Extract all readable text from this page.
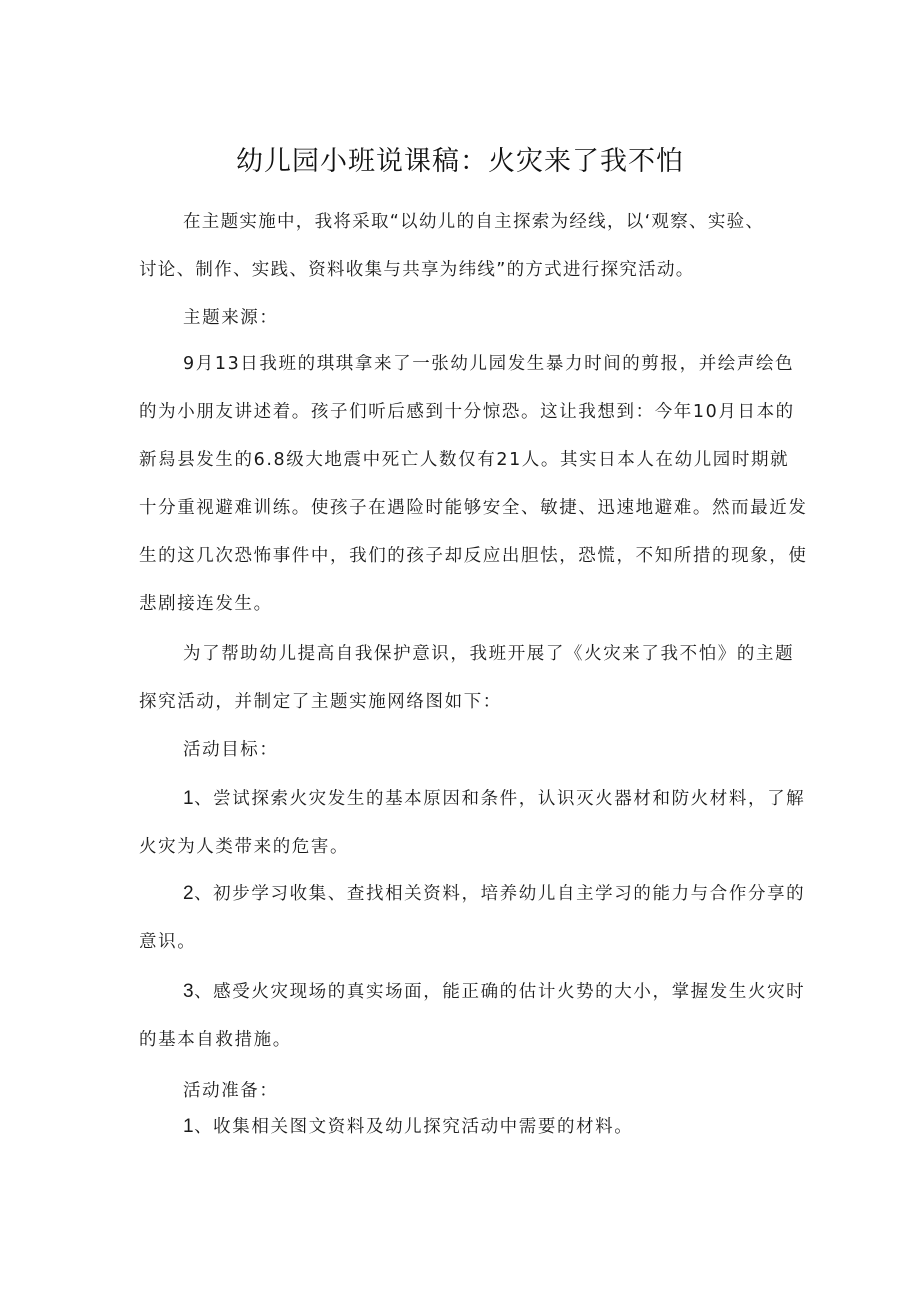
幼儿园小班说课稿：火灾来了我不怕
在主题实施中，我将采取“以幼儿的自主探索为经线，以‘观察、实验、
讨论、制作、实践、资料收集与共享为纬线”的方式进行探究活动。
主题来源：
9月13日我班的琪琪拿来了一张幼儿园发生暴力时间的剪报，并绘声绘色
的为小朋友讲述着。孩子们听后感到十分惊恐。这让我想到：今年10月日本的
新舄县发生的6.8级大地震中死亡人数仅有21人。其实日本人在幼儿园时期就
十分重视避难训练。使孩子在遇险时能够安全、敏捷、迅速地避难。然而最近发
生的这几次恐怖事件中，我们的孩子却反应出胆怯，恐慌，不知所措的现象，使
悲剧接连发生。
为了帮助幼儿提高自我保护意识，我班开展了《火灾来了我不怕》的主题
探究活动，并制定了主题实施网络图如下：
活动目标：
1、尝试探索火灾发生的基本原因和条件，认识灭火器材和防火材料，了解
火灾为人类带来的危害。
2、初步学习收集、查找相关资料，培养幼儿自主学习的能力与合作分享的
意识。
3、感受火灾现场的真实场面，能正确的估计火势的大小，掌握发生火灾时
的基本自救措施。
活动准备：
1、收集相关图文资料及幼儿探究活动中需要的材料。
